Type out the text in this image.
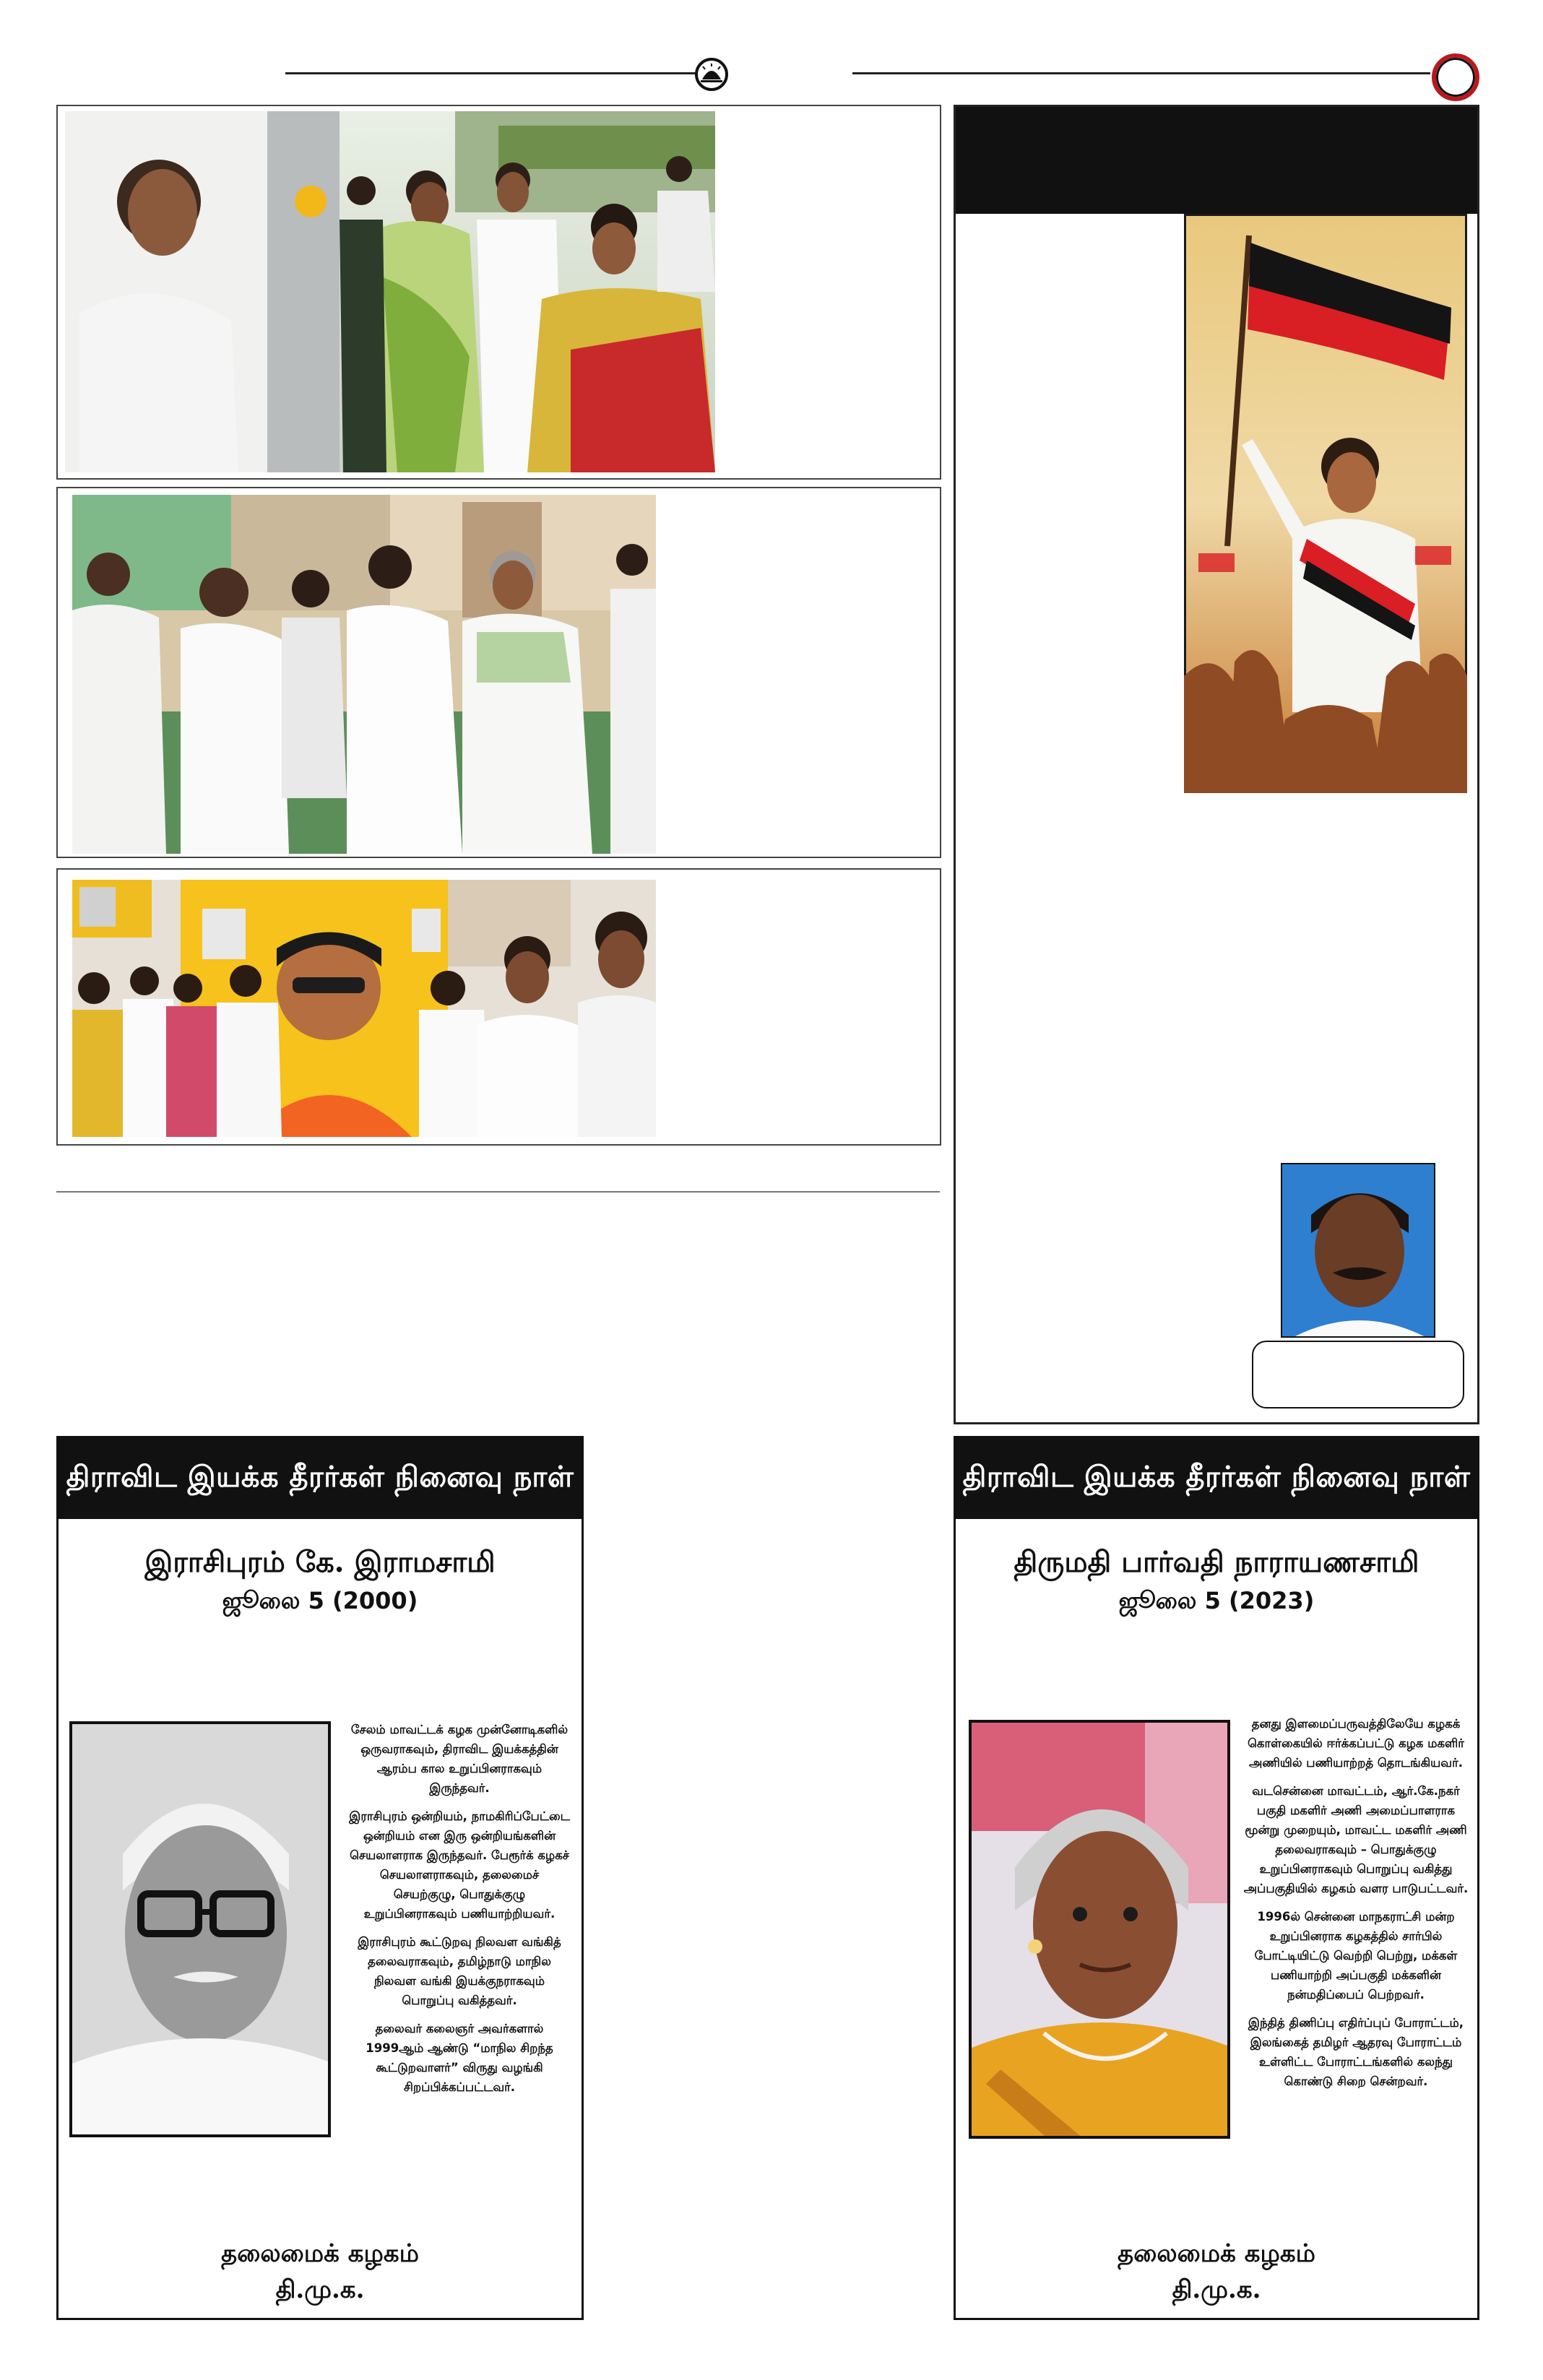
திராவிட இயக்க தீரர்கள் நினைவு நாள்
இராசிபுரம் கே. இராமசாமி
ஜூலை 5 (2000)

சேலம் மாவட்டக் கழக முன்னோடிகளில் ஒருவராகவும், திராவிட இயக்கத்தின் ஆரம்ப கால உறுப்பினராகவும் இருந்தவர்.

இராசிபுரம் ஒன்றியம், நாமகிரிப்பேட்டை ஒன்றியம் என இரு ஒன்றியங்களின் செயலாளராக இருந்தவர். பேரூர்க் கழகச் செயலாளராகவும், தலைமைச் செயற்குழு, பொதுக்குழு உறுப்பினராகவும் பணியாற்றியவர்.

இராசிபுரம் கூட்டுறவு நிலவள வங்கித் தலைவராகவும், தமிழ்நாடு மாநில நிலவள வங்கி இயக்குநராகவும் பொறுப்பு வகித்தவர்.

தலைவர் கலைஞர் அவர்களால் 1999ஆம் ஆண்டு “மாநில சிறந்த கூட்டுறவாளர்” விருது வழங்கி சிறப்பிக்கப்பட்டவர்.

தலைமைக் கழகம்
தி.மு.க.
திராவிட இயக்க தீரர்கள் நினைவு நாள்
திருமதி பார்வதி நாராயணசாமி
ஜூலை 5 (2023)

தனது இளமைப்பருவத்திலேயே கழகக் கொள்கையில் ஈர்க்கப்பட்டு கழக மகளிர் அணியில் பணியாற்றத் தொடங்கியவர்.

வடசென்னை மாவட்டம், ஆர்.கே.நகர் பகுதி மகளிர் அணி அமைப்பாளராக மூன்று முறையும், மாவட்ட மகளிர் அணி தலைவராகவும் – பொதுக்குழு உறுப்பினராகவும் பொறுப்பு வகித்து அப்பகுதியில் கழகம் வளர பாடுபட்டவர்.

1996ல் சென்னை மாநகராட்சி மன்ற உறுப்பினராக கழகத்தில் சார்பில் போட்டியிட்டு வெற்றி பெற்று, மக்கள் பணியாற்றி அப்பகுதி மக்களின் நன்மதிப்பைப் பெற்றவர்.

இந்தித் திணிப்பு எதிர்ப்புப் போராட்டம், இலங்கைத் தமிழர் ஆதரவு போராட்டம் உள்ளிட்ட போராட்டங்களில் கலந்து கொண்டு சிறை சென்றவர்.

தலைமைக் கழகம்
தி.மு.க.
